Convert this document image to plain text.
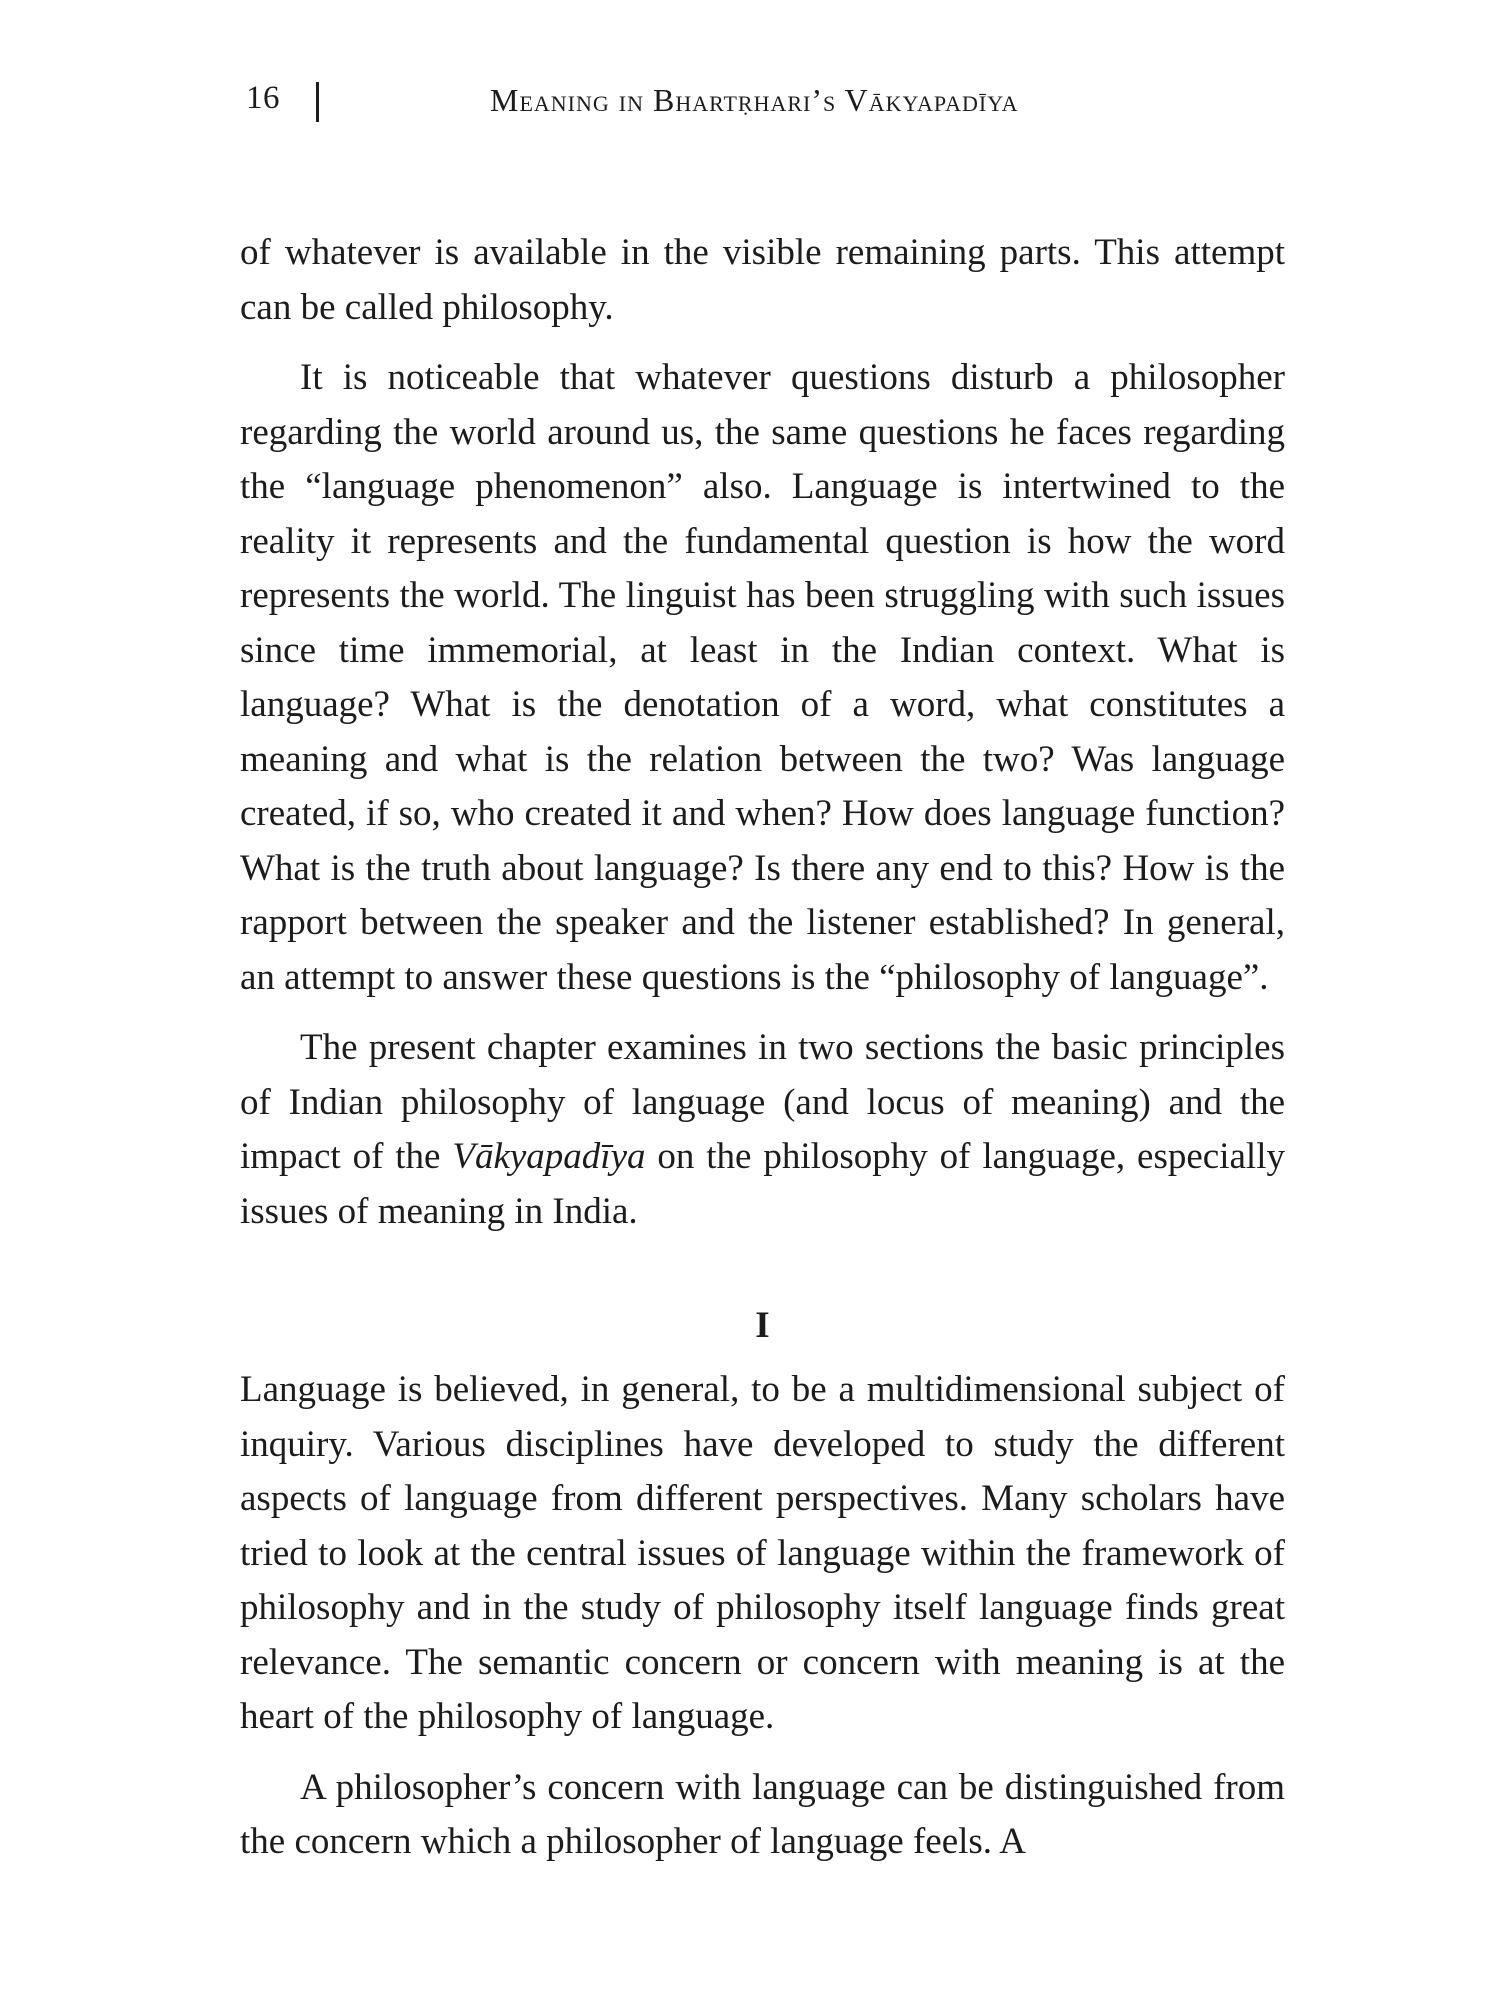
16	Meaning in Bhartṛhari’s Vākyapadīya

of whatever is available in the visible remaining parts. This attempt can be called philosophy.

It is noticeable that whatever questions disturb a philosopher regarding the world around us, the same questions he faces regarding the “language phenomenon” also. Language is intertwined to the reality it represents and the fundamental question is how the word represents the world. The linguist has been struggling with such issues since time immemorial, at least in the Indian context. What is language? What is the denotation of a word, what constitutes a meaning and what is the relation between the two? Was language created, if so, who created it and when? How does language function? What is the truth about language? Is there any end to this? How is the rapport between the speaker and the listener established? In general, an attempt to answer these questions is the “philosophy of language”.

The present chapter examines in two sections the basic principles of Indian philosophy of language (and locus of meaning) and the impact of the Vākyapadīya on the philosophy of language, especially issues of meaning in India.

I

Language is believed, in general, to be a multidimensional subject of inquiry. Various disciplines have developed to study the different aspects of language from different perspectives. Many scholars have tried to look at the central issues of language within the framework of philosophy and in the study of philosophy itself language finds great relevance. The semantic concern or concern with meaning is at the heart of the philosophy of language.

A philosopher’s concern with language can be distinguished from the concern which a philosopher of language feels. A
